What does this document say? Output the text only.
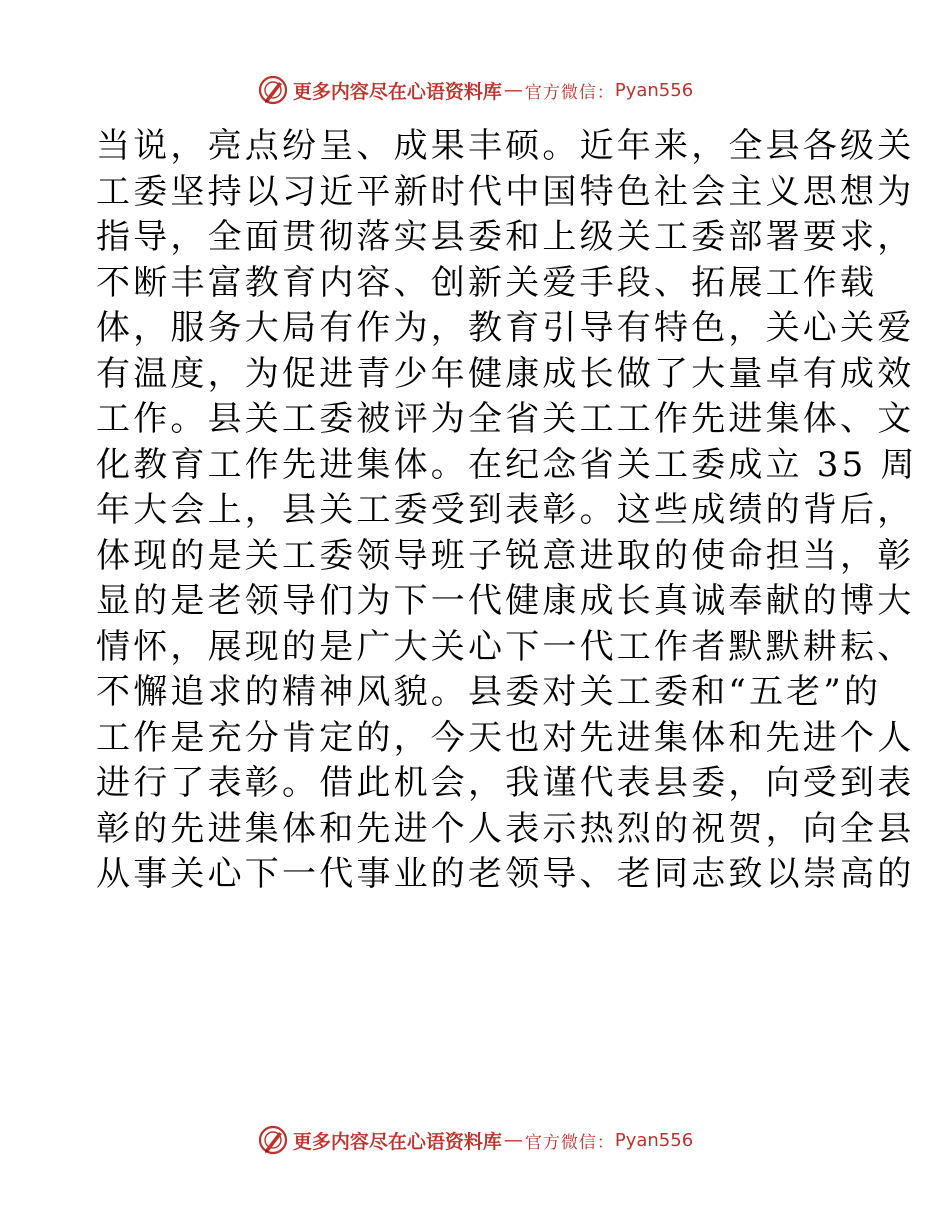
更多内容尽在心语资料库 — 官方微信： Pyan556
当说，亮点纷呈、成果丰硕。近年来，全县各级关
工委坚持以习近平新时代中国特色社会主义思想为
指导，全面贯彻落实县委和上级关工委部署要求，
不断丰富教育内容、创新关爱手段、拓展工作载
体，服务大局有作为，教育引导有特色，关心关爱
有温度，为促进青少年健康成长做了大量卓有成效
工作。县关工委被评为全省关工工作先进集体、文
化教育工作先进集体。在纪念省关工委成立 35 周
年大会上，县关工委受到表彰。这些成绩的背后，
体现的是关工委领导班子锐意进取的使命担当，彰
显的是老领导们为下一代健康成长真诚奉献的博大
情怀，展现的是广大关心下一代工作者默默耕耘、
不懈追求的精神风貌。县委对关工委和“五老”的
工作是充分肯定的，今天也对先进集体和先进个人
进行了表彰。借此机会，我谨代表县委，向受到表
彰的先进集体和先进个人表示热烈的祝贺，向全县
从事关心下一代事业的老领导、老同志致以崇高的
更多内容尽在心语资料库 — 官方微信： Pyan556
